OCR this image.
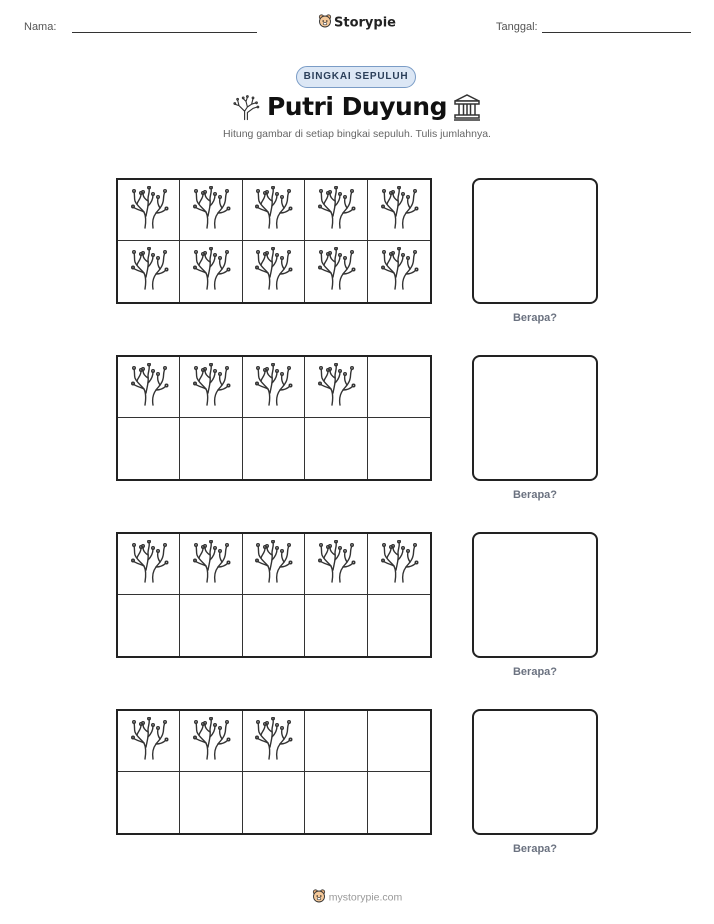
Nama:	Storypie	Tanggal:
BINGKAI SEPULUH
Putri Duyung
Hitung gambar di setiap bingkai sepuluh. Tulis jumlahnya.
Berapa?
Berapa?
Berapa?
Berapa?
mystorypie.com
